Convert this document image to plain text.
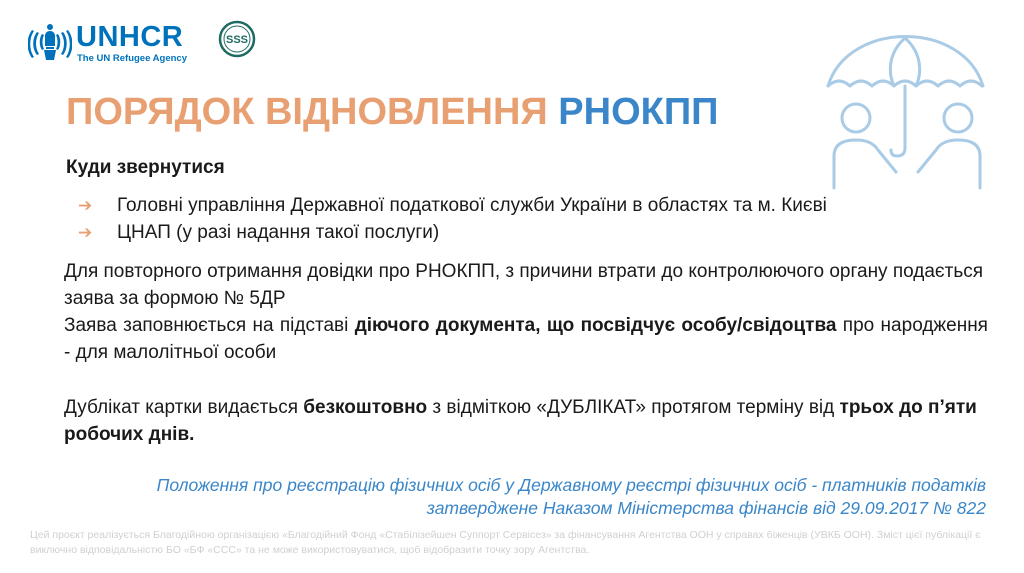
UNHCR
The UN Refugee Agency
SSS
ПОРЯДОК ВІДНОВЛЕННЯ РНОКПП
Куди звернутися
➔ Головні управління Державної податкової служби України в областях та м. Києві
➔ ЦНАП (у разі надання такої послуги)

Для повторного отримання довідки про РНОКПП, з причини втрати до контролюючого органу подається заява за формою № 5ДР

Заява заповнюється на підставі діючого документа, що посвідчує особу/свідоцтва про народження - для малолітньої особи

Дублікат картки видається безкоштовно з відміткою «ДУБЛІКАТ» протягом терміну від трьох до п’яти робочих днів.

Положення про реєстрацію фізичних осіб у Державному реєстрі фізичних осіб - платників податків затверджене Наказом Міністерства фінансів від 29.09.2017 № 822

Цей проєкт реалізується Благодійною організацією «Благодійний Фонд «Стабілізейшен Суппорт Сервісез» за фінансування Агентства ООН у справах біженців (УВКБ ООН). Зміст цієї публікації є виключно відповідальністю БО «БФ «ССС» та не може використовуватися, щоб відобразити точку зору Агентства.
